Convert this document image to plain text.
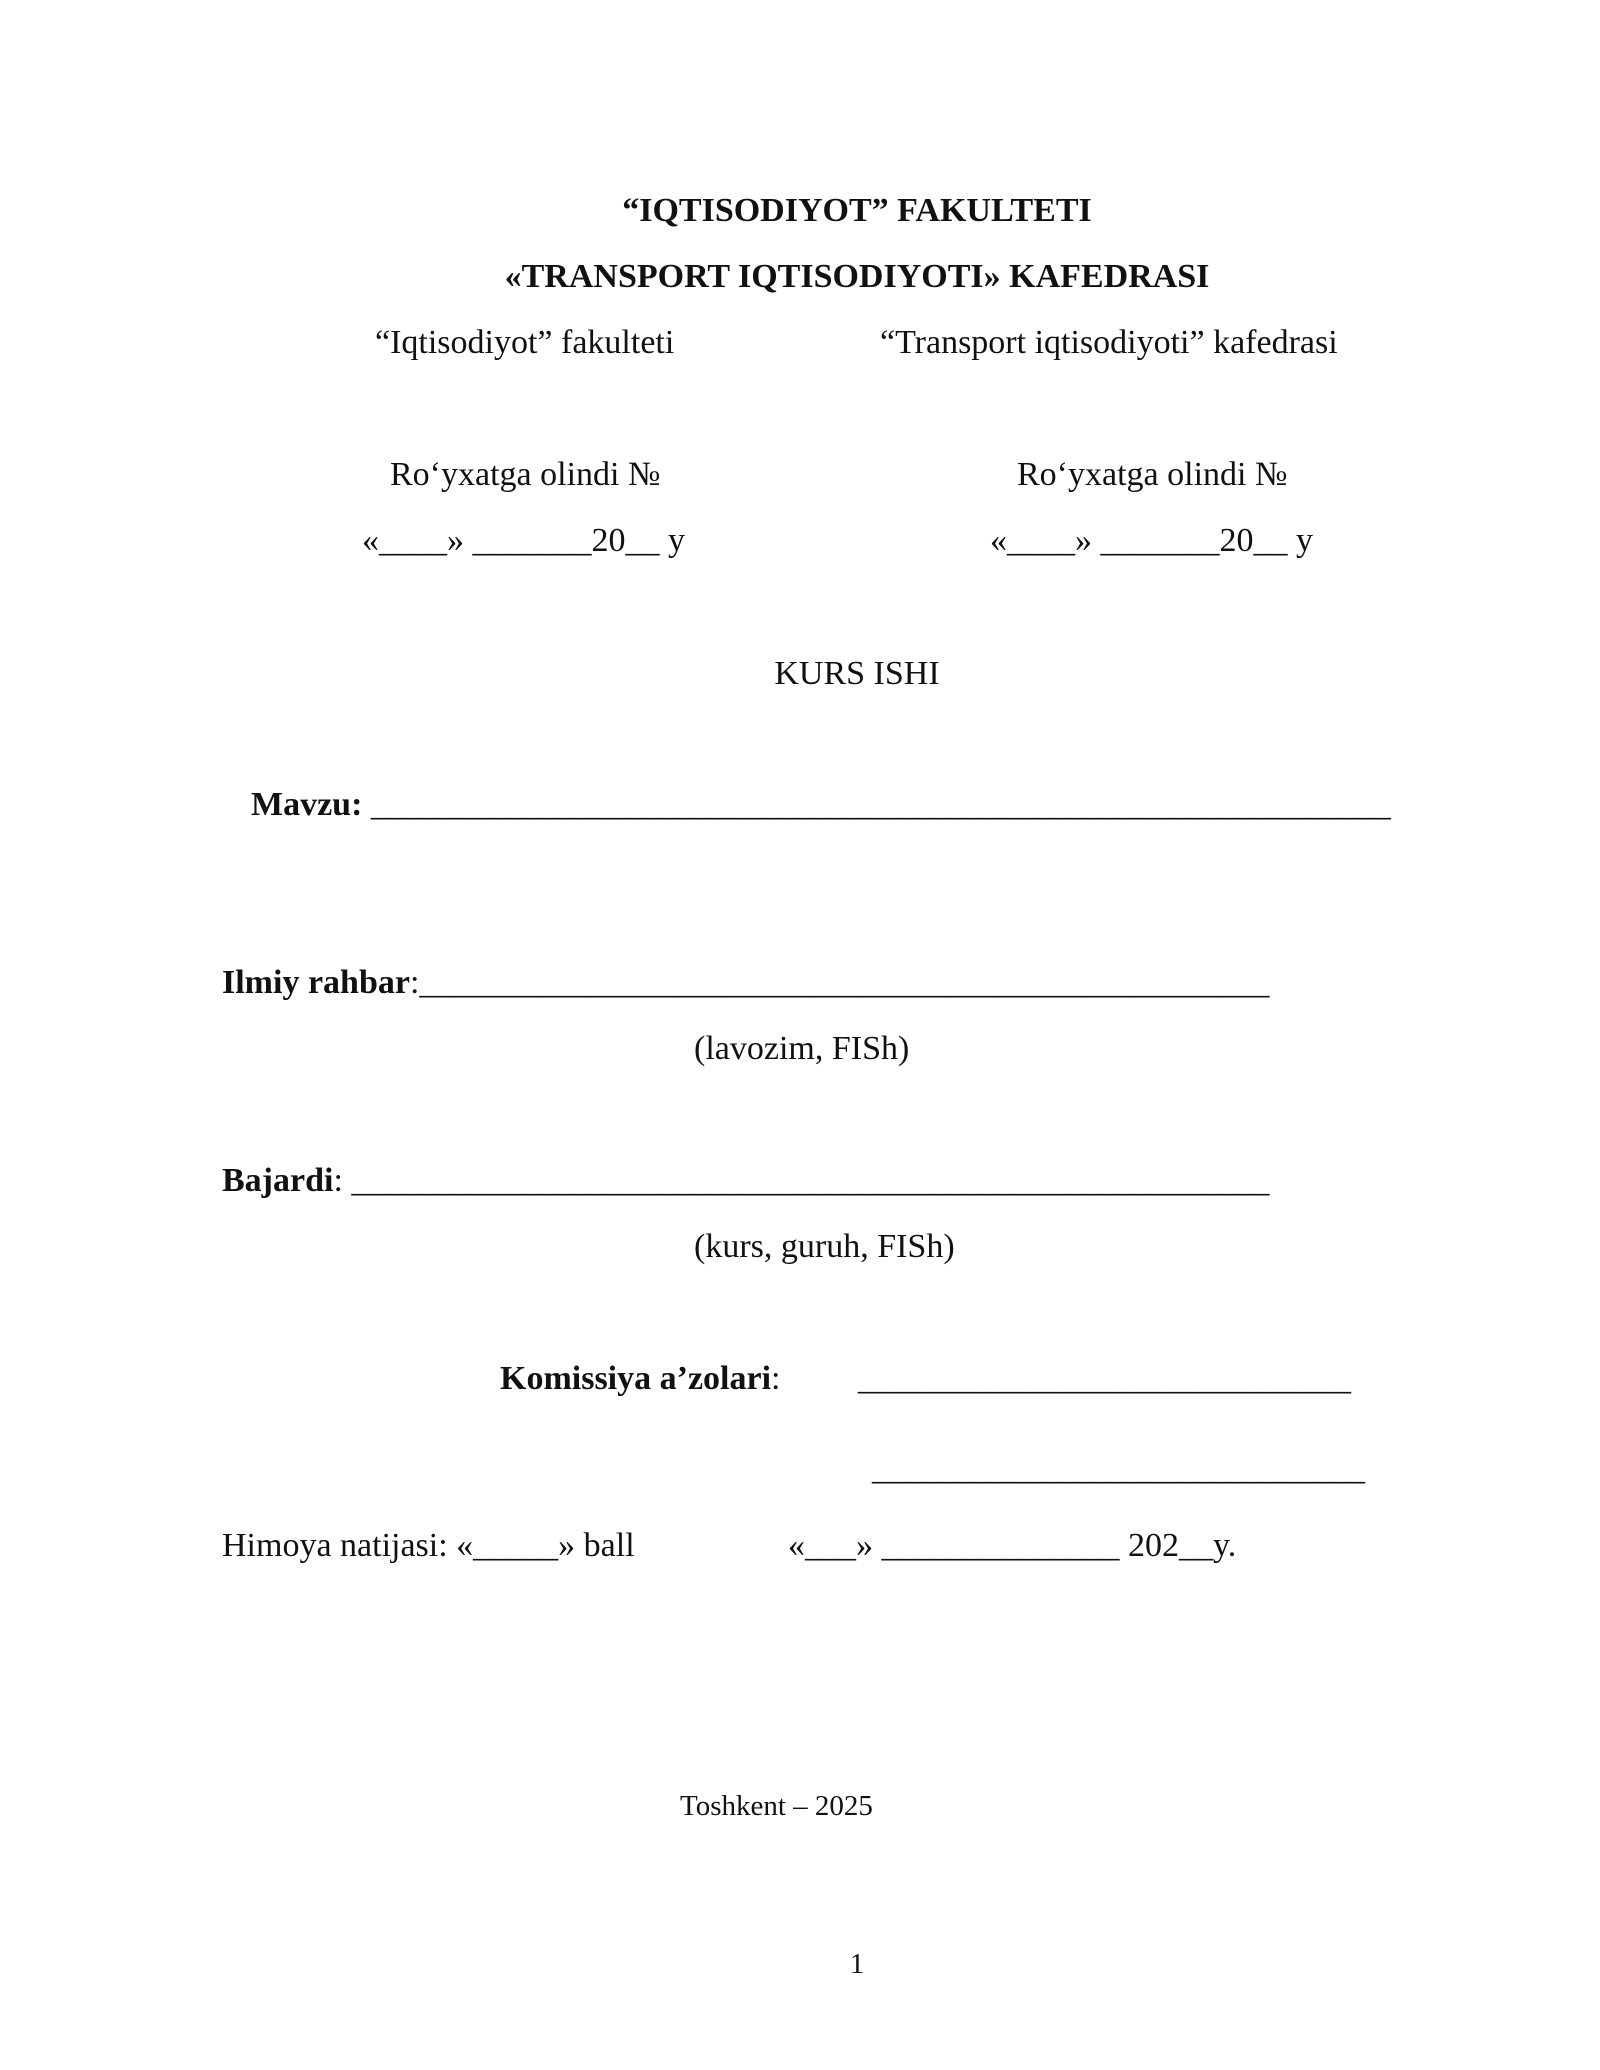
“IQTISODIYOT” FAKULTETI
«TRANSPORT IQTISODIYOTI» KAFEDRASI
“Iqtisodiyot” fakulteti	“Transport iqtisodiyoti” kafedrasi
Ro‘yxatga olindi №	Ro‘yxatga olindi №
«____» _______20__ y	«____» _______20__ y
KURS ISHI
Mavzu: ____________________________________________________________
Ilmiy rahbar:__________________________________________________
(lavozim, FISh)
Bajardi: ______________________________________________________
(kurs, guruh, FISh)
Komissiya a’zolari: _____________________________
_____________________________
Himoya natijasi: «_____» ball	«___» ______________ 202__y.
Toshkent – 2025
1
